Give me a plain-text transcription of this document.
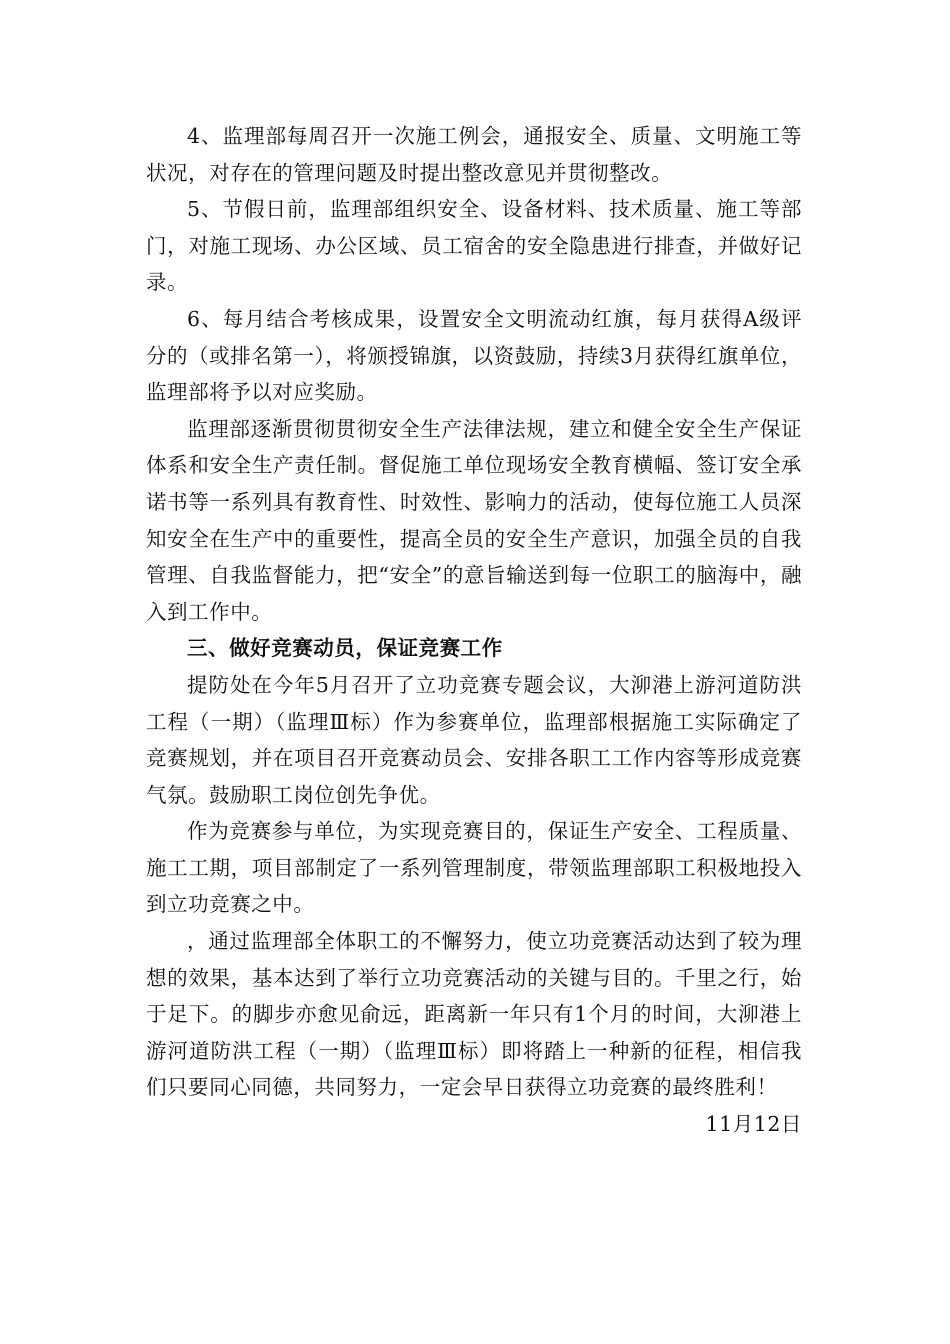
4、监理部每周召开一次施工例会，通报安全、质量、文明施工等状况，对存在的管理问题及时提出整改意见并贯彻整改。

5、节假日前，监理部组织安全、设备材料、技术质量、施工等部门，对施工现场、办公区域、员工宿舍的安全隐患进行排查，并做好记录。

6、每月结合考核成果，设置安全文明流动红旗，每月获得A级评分的（或排名第一），将颁授锦旗，以资鼓励，持续3月获得红旗单位，监理部将予以对应奖励。

监理部逐渐贯彻贯彻安全生产法律法规，建立和健全安全生产保证体系和安全生产责任制。督促施工单位现场安全教育横幅、签订安全承诺书等一系列具有教育性、时效性、影响力的活动，使每位施工人员深知安全在生产中的重要性，提高全员的安全生产意识，加强全员的自我管理、自我监督能力，把“安全”的意旨输送到每一位职工的脑海中，融入到工作中。

三、做好竞赛动员，保证竞赛工作

提防处在今年5月召开了立功竞赛专题会议，大泖港上游河道防洪工程（一期）（监理Ⅲ标）作为参赛单位，监理部根据施工实际确定了竞赛规划，并在项目召开竞赛动员会、安排各职工工作内容等形成竞赛气氛。鼓励职工岗位创先争优。

作为竞赛参与单位，为实现竞赛目的，保证生产安全、工程质量、施工工期，项目部制定了一系列管理制度，带领监理部职工积极地投入到立功竞赛之中。

，通过监理部全体职工的不懈努力，使立功竞赛活动达到了较为理想的效果，基本达到了举行立功竞赛活动的关键与目的。千里之行，始于足下。的脚步亦愈见俞远，距离新一年只有1个月的时间，大泖港上游河道防洪工程（一期）（监理Ⅲ标）即将踏上一种新的征程，相信我们只要同心同德，共同努力，一定会早日获得立功竞赛的最终胜利！

11月12日
